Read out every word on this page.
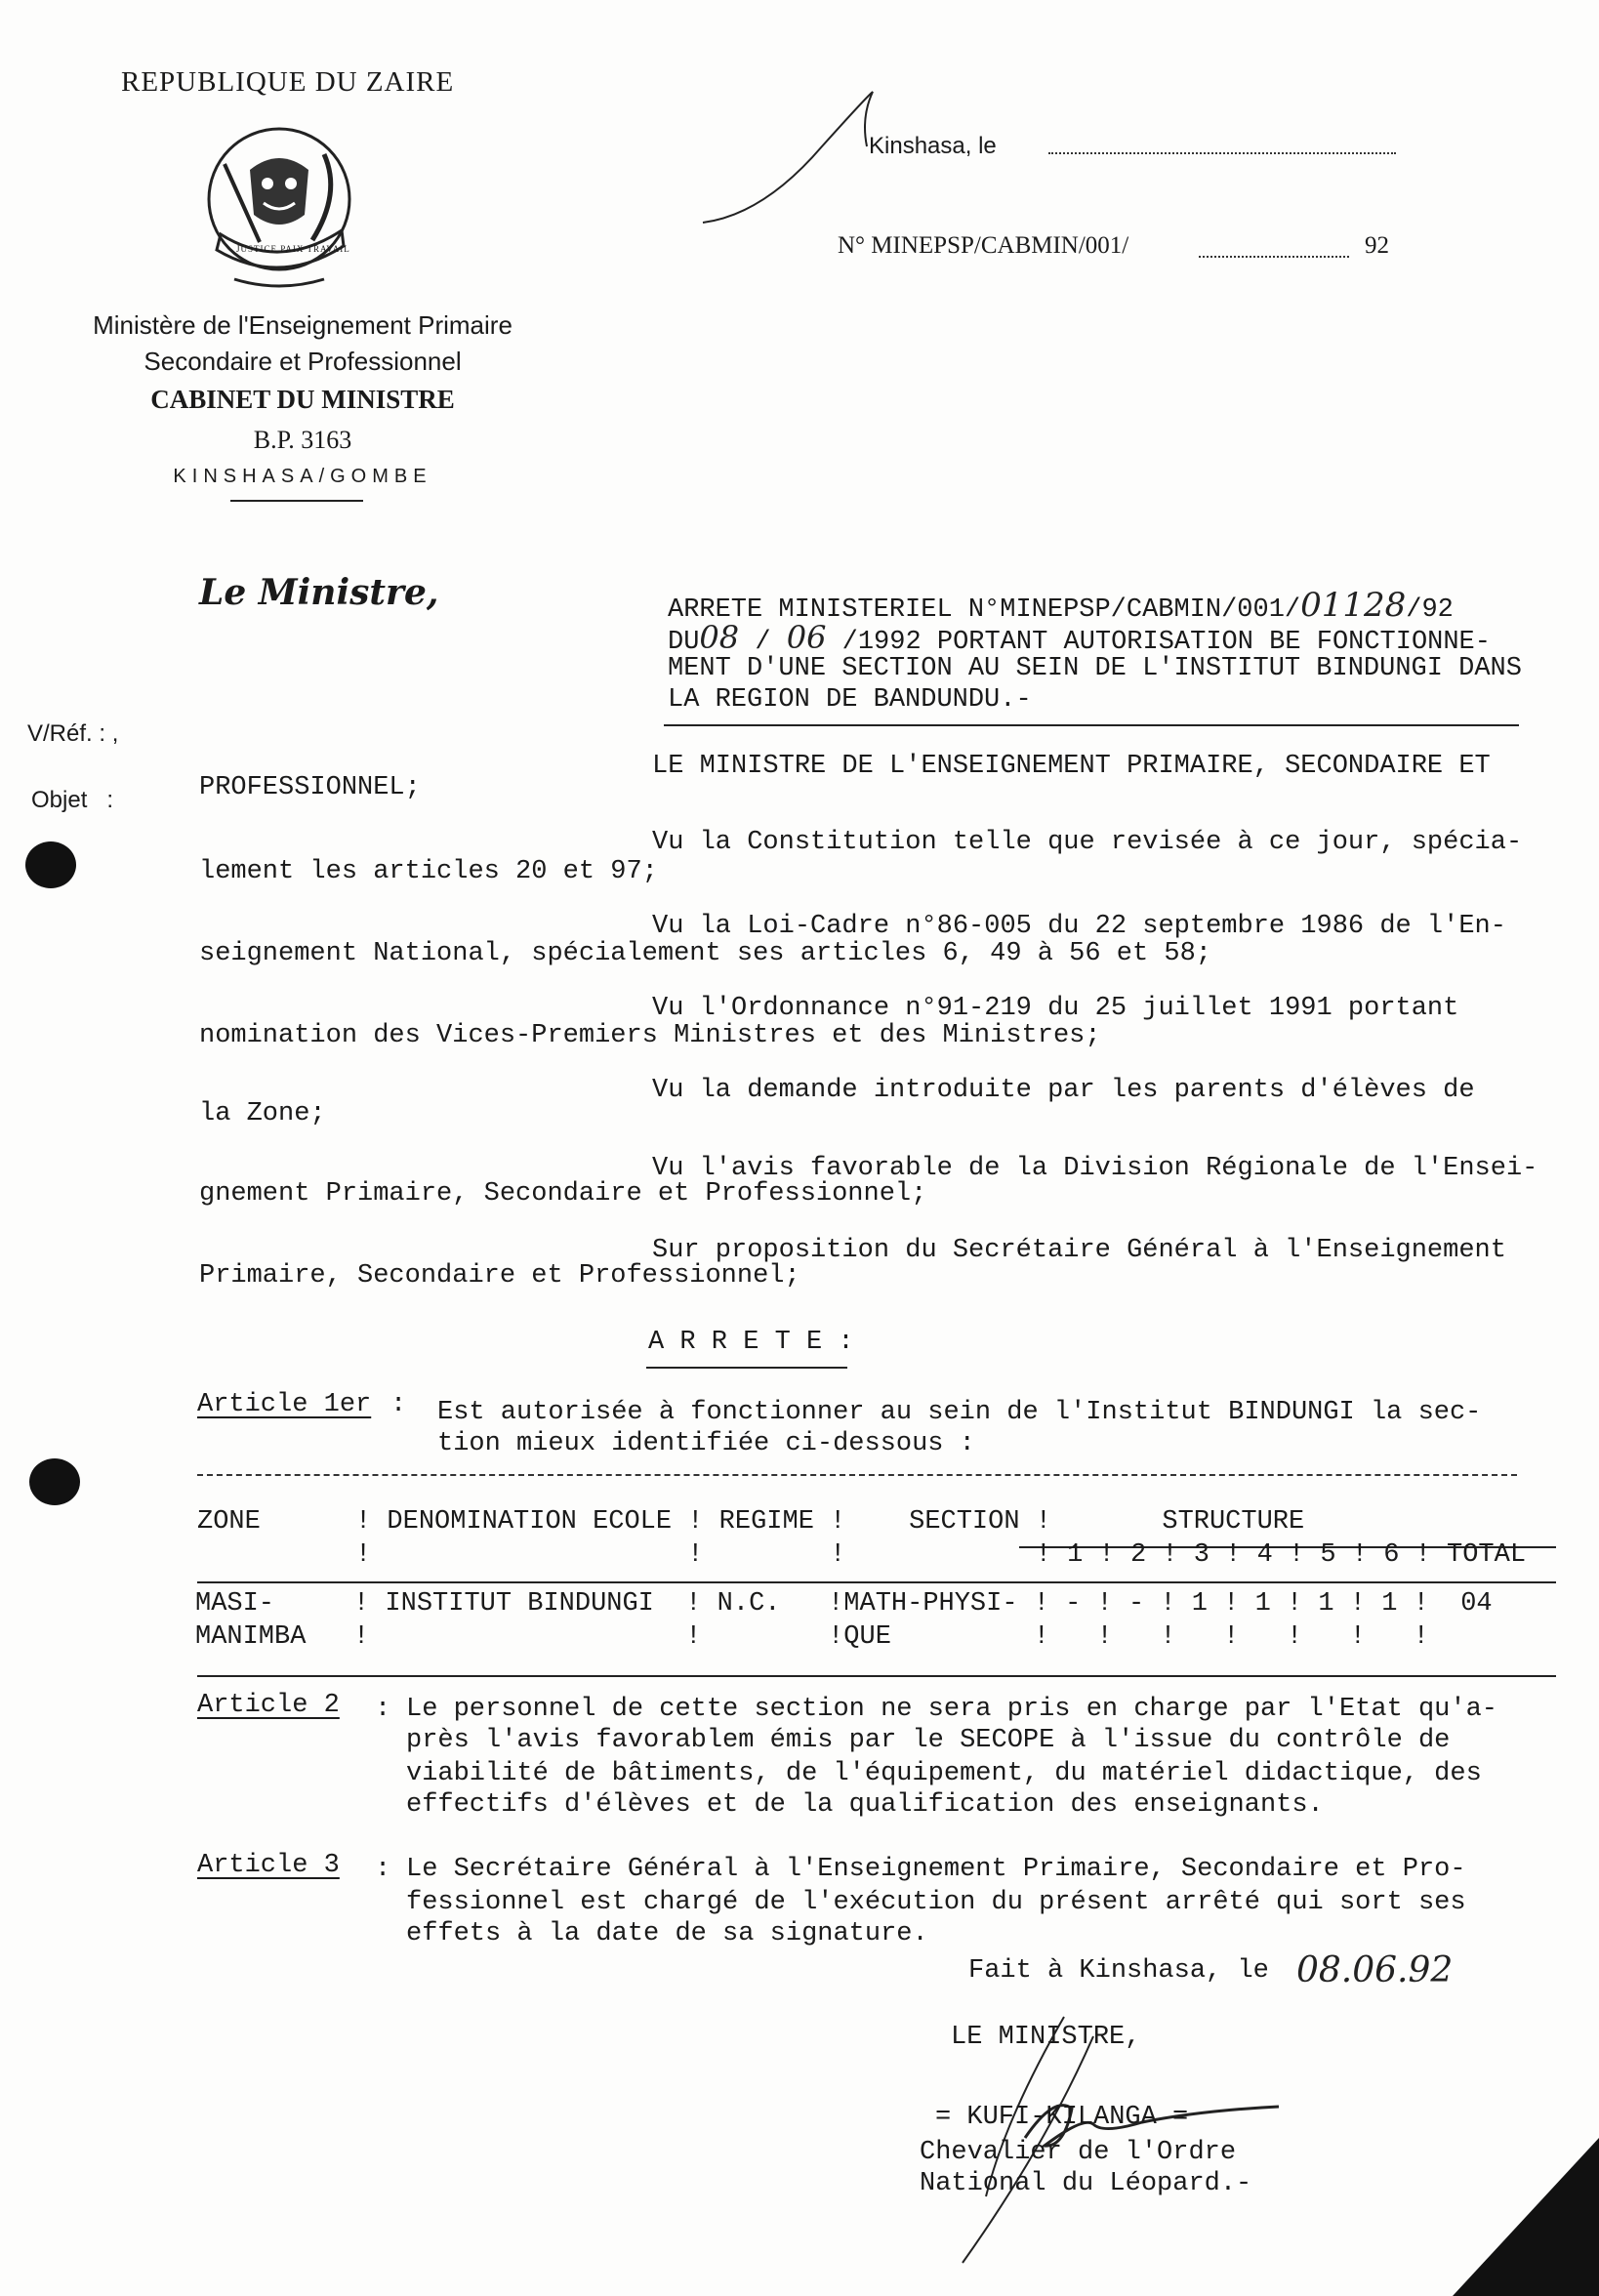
REPUBLIQUE DU ZAIRE
JUSTICE PAIX TRAVAIL
Ministère de l'Enseignement Primaire
Secondaire et Professionnel
CABINET DU MINISTRE
B.P. 3163
KINSHASA/GOMBE
Kinshasa, le
N° MINEPSP/CABMIN/001/	92
Le Ministre,	ARRETE MINISTERIEL N°MINEPSP/CABMIN/001/01128/92
DU08 / 06 /1992 PORTANT AUTORISATION BE FONCTIONNE-
MENT D'UNE SECTION AU SEIN DE L'INSTITUT BINDUNGI DANS
LA REGION DE BANDUNDU.-
V/Réf. : ,
Objet   :
LE MINISTRE DE L'ENSEIGNEMENT PRIMAIRE, SECONDAIRE ET
PROFESSIONNEL;
Vu la Constitution telle que revisée à ce jour, spécia-
lement les articles 20 et 97;
Vu la Loi-Cadre n°86-005 du 22 septembre 1986 de l'En-
seignement National, spécialement ses articles 6, 49 à 56 et 58;
Vu l'Ordonnance n°91-219 du 25 juillet 1991 portant
nomination des Vices-Premiers Ministres et des Ministres;
Vu la demande introduite par les parents d'élèves de
la Zone;
Vu l'avis favorable de la Division Régionale de l'Ensei-
gnement Primaire, Secondaire et Professionnel;
Sur proposition du Secrétaire Général à l'Enseignement
Primaire, Secondaire et Professionnel;
A R R E T E :
Article 1er : Est autorisée à fonctionner au sein de l'Institut BINDUNGI la sec-
tion mieux identifiée ci-dessous :
ZONE      ! DENOMINATION ECOLE ! REGIME !    SECTION !       STRUCTURE
!                    !        !            ! 1 ! 2 ! 3 ! 4 ! 5 ! 6 ! TOTAL
MASI-     ! INSTITUT BINDUNGI  ! N.C.   !MATH-PHYSI- ! - ! - ! 1 ! 1 ! 1 ! 1 !  04
MANIMBA   !                    !        !QUE         !   !   !   !   !   !   !
Article 2 : Le personnel de cette section ne sera pris en charge par l'Etat qu'a-
près l'avis favorablem émis par le SECOPE à l'issue du contrôle de
viabilité de bâtiments, de l'équipement, du matériel didactique, des
effectifs d'élèves et de la qualification des enseignants.
Article 3 : Le Secrétaire Général à l'Enseignement Primaire, Secondaire et Pro-
fessionnel est chargé de l'exécution du présent arrêté qui sort ses
effets à la date de sa signature.
Fait à Kinshasa, le 08.06.92
LE MINISTRE,
= KUFI-KILANGA =
Chevalier de l'Ordre
National du Léopard.-
